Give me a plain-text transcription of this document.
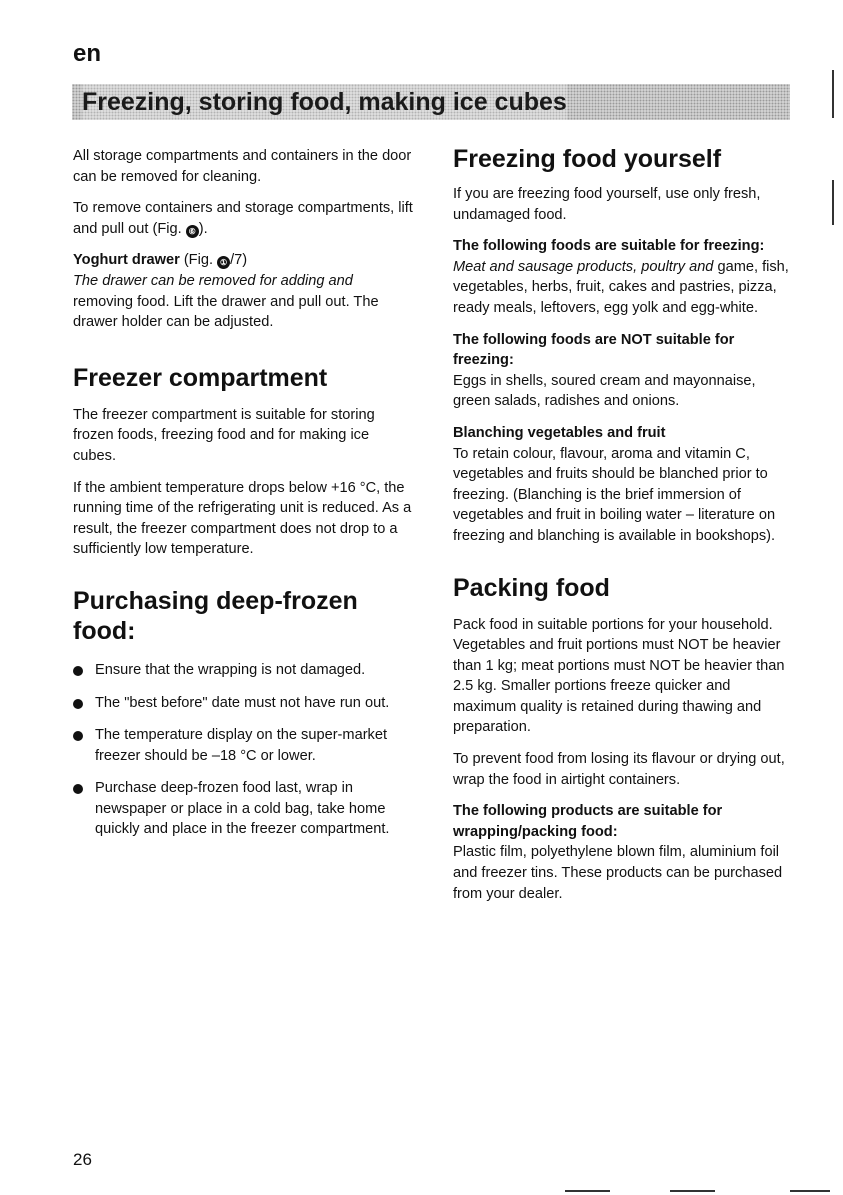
en
Freezing, storing food, making ice cubes

All storage compartments and containers in the door can be removed for cleaning.

To remove containers and storage compartments, lift and pull out (Fig. ⑥ ).

Yoghurt drawer (Fig. ① /7)
The drawer can be removed for adding and removing food. Lift the drawer and pull out. The drawer holder can be adjusted.

Freezer compartment

The freezer compartment is suitable for storing frozen foods, freezing food and for making ice cubes.

If the ambient temperature drops below +16 °C, the running time of the refrigerating unit is reduced. As a result, the freezer compartment does not drop to a sufficiently low temperature.

Purchasing deep-frozen food:
Ensure that the wrapping is not damaged.
The "best before" date must not have run out.
The temperature display on the super-market freezer should be –18 °C or lower.
Purchase deep-frozen food last, wrap in newspaper or place in a cold bag, take home quickly and place in the freezer compartment.
Freezing food yourself

If you are freezing food yourself, use only fresh, undamaged food.

The following foods are suitable for freezing:
Meat and sausage products, poultry and game, fish, vegetables, herbs, fruit, cakes and pastries, pizza, ready meals, leftovers, egg yolk and egg-white.

The following foods are NOT suitable for freezing:
Eggs in shells, soured cream and mayonnaise, green salads, radishes and onions.

Blanching vegetables and fruit
To retain colour, flavour, aroma and vitamin C, vegetables and fruits should be blanched prior to freezing. (Blanching is the brief immersion of vegetables and fruit in boiling water – literature on freezing and blanching is available in bookshops).

Packing food

Pack food in suitable portions for your household.

Vegetables and fruit portions must NOT be heavier than 1 kg; meat portions must NOT be heavier than 2.5 kg. Smaller portions freeze quicker and maximum quality is retained during thawing and preparation.

To prevent food from losing its flavour or drying out, wrap the food in airtight containers.

The following products are suitable for wrapping/packing food:
Plastic film, polyethylene blown film, aluminium foil and freezer tins. These products can be purchased from your dealer.

26
